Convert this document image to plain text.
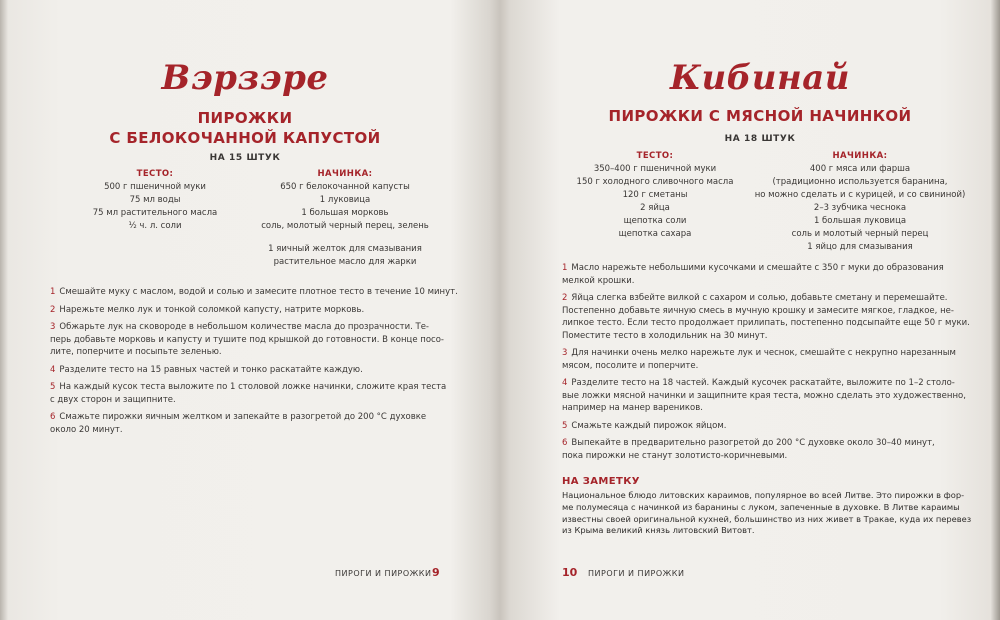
Вэрзэре
ПИРОЖКИ
С БЕЛОКОЧАННОЙ КАПУСТОЙ
НА 15 ШТУК
ТЕСТО:
500 г пшеничной муки
75 мл воды
75 мл растительного масла
½ ч. л. соли
НАЧИНКА:
650 г белокочанной капусты
1 луковица
1 большая морковь
соль, молотый черный перец, зелень
1 яичный желток для смазывания
растительное масло для жарки
1 Смешайте муку с маслом, водой и солью и замесите плотное тесто в течение 10 минут.
2 Нарежьте мелко лук и тонкой соломкой капусту, натрите морковь.
3 Обжарьте лук на сковороде в небольшом количестве масла до прозрачности. Те-
перь добавьте морковь и капусту и тушите под крышкой до готовности. В конце посо-
лите, поперчите и посыпьте зеленью.
4 Разделите тесто на 15 равных частей и тонко раскатайте каждую.
5 На каждый кусок теста выложите по 1 столовой ложке начинки, сложите края теста
с двух сторон и защипните.
6 Смажьте пирожки яичным желтком и запекайте в разогретой до 200 °С духовке
около 20 минут.
ПИРОГИ И ПИРОЖКИ 9
Кибинай
ПИРОЖКИ С МЯСНОЙ НАЧИНКОЙ
НА 18 ШТУК
ТЕСТО:
350–400 г пшеничной муки
150 г холодного сливочного масла
120 г сметаны
2 яйца
щепотка соли
щепотка сахара
НАЧИНКА:
400 г мяса или фарша
(традиционно используется баранина,
но можно сделать и с курицей, и со свининой)
2–3 зубчика чеснока
1 большая луковица
соль и молотый черный перец
1 яйцо для смазывания
1 Масло нарежьте небольшими кусочками и смешайте с 350 г муки до образования
мелкой крошки.
2 Яйца слегка взбейте вилкой с сахаром и солью, добавьте сметану и перемешайте.
Постепенно добавьте яичную смесь в мучную крошку и замесите мягкое, гладкое, не-
липкое тесто. Если тесто продолжает прилипать, постепенно подсыпайте еще 50 г муки.
Поместите тесто в холодильник на 30 минут.
3 Для начинки очень мелко нарежьте лук и чеснок, смешайте с некрупно нарезанным
мясом, посолите и поперчите.
4 Разделите тесто на 18 частей. Каждый кусочек раскатайте, выложите по 1–2 столо-
вые ложки мясной начинки и защипните края теста, можно сделать это художественно,
например на манер вареников.
5 Смажьте каждый пирожок яйцом.
6 Выпекайте в предварительно разогретой до 200 °С духовке около 30–40 минут,
пока пирожки не станут золотисто-коричневыми.
НА ЗАМЕТКУ
Национальное блюдо литовских караимов, популярное во всей Литве. Это пирожки в фор-
ме полумесяца с начинкой из баранины с луком, запеченные в духовке. В Литве караимы
известны своей оригинальной кухней, большинство из них живет в Тракае, куда их перевез
из Крыма великий князь литовский Витовт.
10 ПИРОГИ И ПИРОЖКИ
